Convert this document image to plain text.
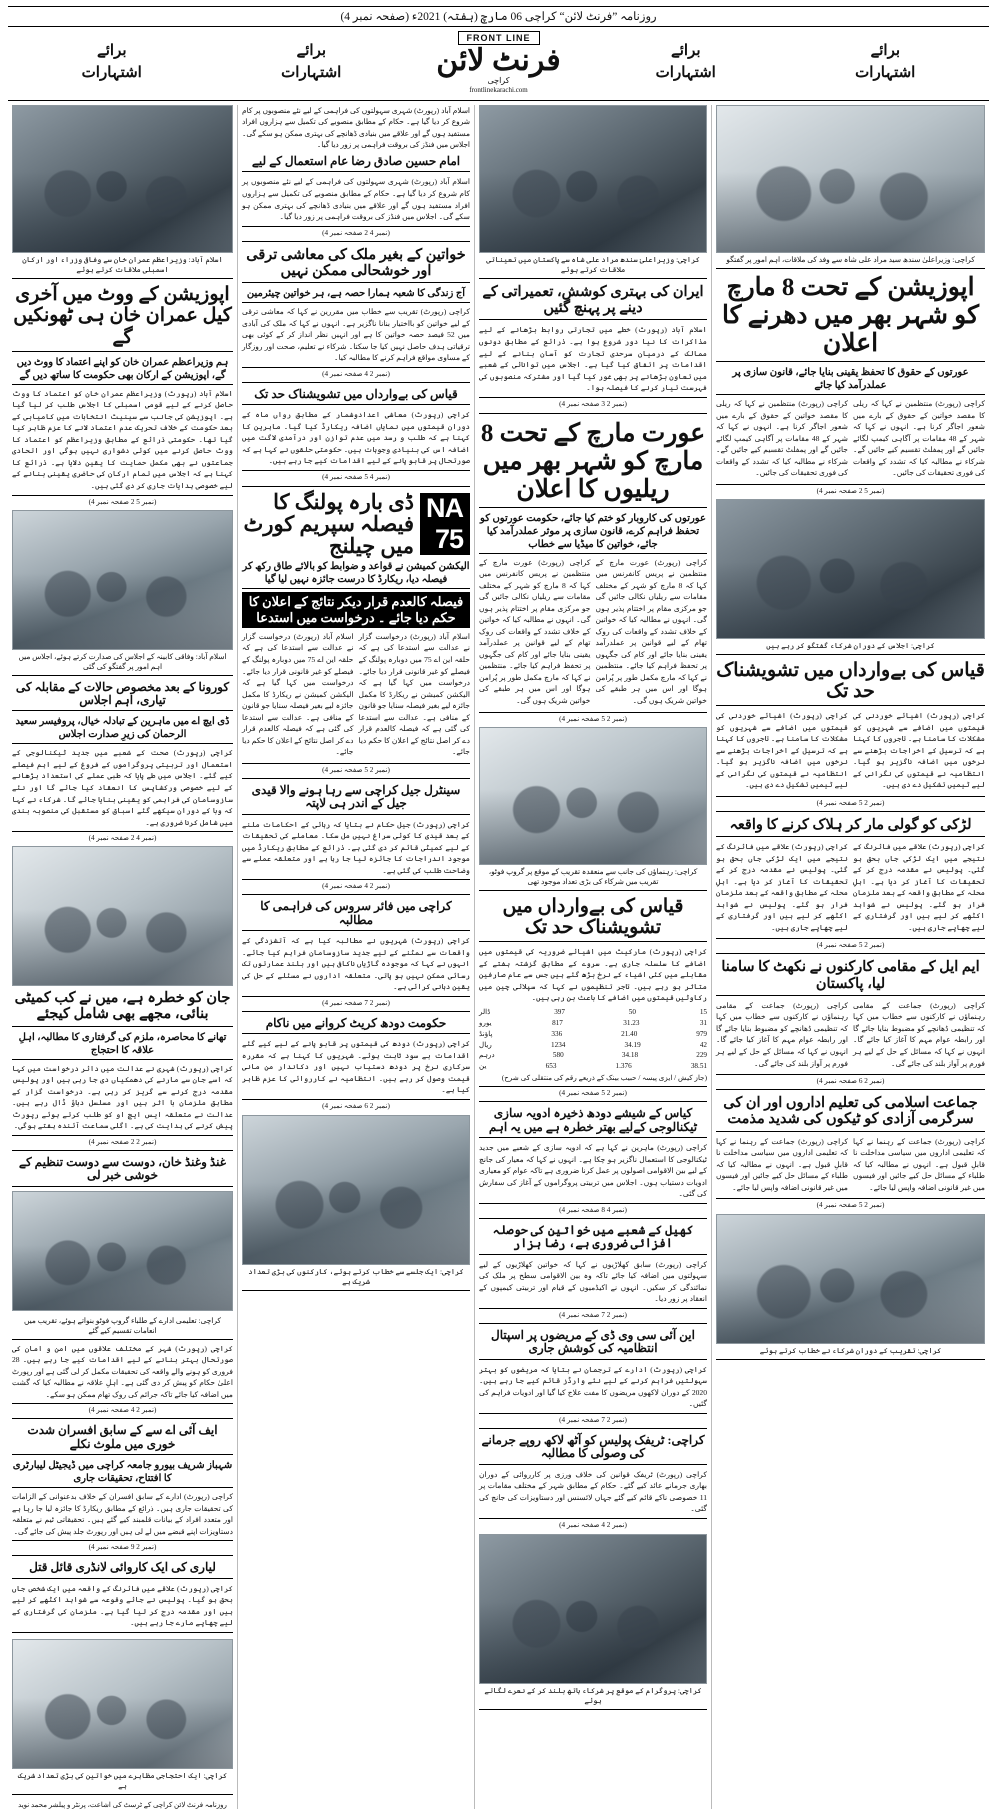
روزنامہ ”فرنٹ لائن“ کراچی 06 مارچ (ہفتہ) 2021ء (صفحہ نمبر 4)
برائے
اشتہارات
برائے
اشتہارات
FRONT LINE
فرنٹ لائن
کراچی
frontlinekarachi.com
برائے
اشتہارات
برائے
اشتہارات
کراچی: وزیراعلیٰ سندھ سید مراد علی شاہ سے وفد کی ملاقات، اہم امور پر گفتگو
اپوزیشن کے تحت 8 مارچ کو شہر بھر میں دھرنے کا اعلان
عورتوں کے حقوق کا تحفظ یقینی بنایا جائے، قانون سازی پر عملدرآمد کیا جائے

کراچی (رپورٹ) منتظمین نے کہا کہ ریلی کا مقصد خواتین کے حقوق کے بارے میں شعور اجاگر کرنا ہے۔ انہوں نے کہا کہ شہر کے 48 مقامات پر آگاہی کیمپ لگائے جائیں گے اور پمفلٹ تقسیم کیے جائیں گے۔ شرکاء نے مطالبہ کیا کہ تشدد کے واقعات کی فوری تحقیقات کی جائیں۔

کراچی (رپورٹ) منتظمین نے کہا کہ ریلی کا مقصد خواتین کے حقوق کے بارے میں شعور اجاگر کرنا ہے۔ انہوں نے کہا کہ شہر کے 48 مقامات پر آگاہی کیمپ لگائے جائیں گے اور پمفلٹ تقسیم کیے جائیں گے۔ شرکاء نے مطالبہ کیا کہ تشدد کے واقعات کی فوری تحقیقات کی جائیں۔

(نمبر 5 2 صفحہ نمبر 4)
کراچی: اجلاس کے دوران شرکاء گفتگو کر رہے ہیں
قیاس کی بےوارداں میں تشویشناک حد تک

کراچی (رپورٹ) اشیائے خوردنی کی قیمتوں میں اضافے سے شہریوں کو مشکلات کا سامنا ہے۔ تاجروں کا کہنا ہے کہ ترسیل کے اخراجات بڑھنے سے نرخوں میں اضافہ ناگزیر ہو گیا۔ انتظامیہ نے قیمتوں کی نگرانی کے لیے ٹیمیں تشکیل دے دی ہیں۔

کراچی (رپورٹ) اشیائے خوردنی کی قیمتوں میں اضافے سے شہریوں کو مشکلات کا سامنا ہے۔ تاجروں کا کہنا ہے کہ ترسیل کے اخراجات بڑھنے سے نرخوں میں اضافہ ناگزیر ہو گیا۔ انتظامیہ نے قیمتوں کی نگرانی کے لیے ٹیمیں تشکیل دے دی ہیں۔

(نمبر 2 5 صفحہ نمبر 4)
لڑکی کو گولی مار کر ہلاک کرنے کا واقعہ

کراچی (رپورٹ) علاقے میں فائرنگ کے نتیجے میں ایک لڑکی جاں بحق ہو گئی۔ پولیس نے مقدمہ درج کر کے تحقیقات کا آغاز کر دیا ہے۔ اہلِ محلہ کے مطابق واقعہ کے بعد ملزمان فرار ہو گئے۔ پولیس نے شواہد اکٹھے کر لیے ہیں اور گرفتاری کے لیے چھاپے جاری ہیں۔

کراچی (رپورٹ) علاقے میں فائرنگ کے نتیجے میں ایک لڑکی جاں بحق ہو گئی۔ پولیس نے مقدمہ درج کر کے تحقیقات کا آغاز کر دیا ہے۔ اہلِ محلہ کے مطابق واقعہ کے بعد ملزمان فرار ہو گئے۔ پولیس نے شواہد اکٹھے کر لیے ہیں اور گرفتاری کے لیے چھاپے جاری ہیں۔

(نمبر 2 5 صفحہ نمبر 4)
ایم ایل کے مقامی کارکنوں نے نکھٹ کا سامنا لیا، پاکستان

کراچی (رپورٹ) جماعت کے مقامی رہنماؤں نے کارکنوں سے خطاب میں کہا کہ تنظیمی ڈھانچے کو مضبوط بنایا جائے گا اور رابطہ عوام مہم کا آغاز کیا جائے گا۔ انہوں نے کہا کہ مسائل کے حل کے لیے ہر فورم پر آواز بلند کی جائے گی۔

کراچی (رپورٹ) جماعت کے مقامی رہنماؤں نے کارکنوں سے خطاب میں کہا کہ تنظیمی ڈھانچے کو مضبوط بنایا جائے گا اور رابطہ عوام مہم کا آغاز کیا جائے گا۔ انہوں نے کہا کہ مسائل کے حل کے لیے ہر فورم پر آواز بلند کی جائے گی۔

(نمبر 2 6 صفحہ نمبر 4)
جماعت اسلامی کی تعلیم اداروں اور ان کی سرگرمی آزادی کو ٹیکوں کی شدید مذمت

کراچی (رپورٹ) جماعت کے رہنما نے کہا کہ تعلیمی اداروں میں سیاسی مداخلت نا قابلِ قبول ہے۔ انہوں نے مطالبہ کیا کہ طلباء کے مسائل حل کیے جائیں اور فیسوں میں غیر قانونی اضافہ واپس لیا جائے۔

کراچی (رپورٹ) جماعت کے رہنما نے کہا کہ تعلیمی اداروں میں سیاسی مداخلت نا قابلِ قبول ہے۔ انہوں نے مطالبہ کیا کہ طلباء کے مسائل حل کیے جائیں اور فیسوں میں غیر قانونی اضافہ واپس لیا جائے۔

(نمبر 2 5 صفحہ نمبر 4)
کراچی: تقریب کے دوران شرکاء نے خطاب کرتے ہوئے
کراچی: وزیراعلیٰ سندھ مراد علی شاہ سے پاکستان میں تعیناتی ملاقات کرتے ہوئے
ایران کی بہتری کوشش، تعمیراتی کے دینے پر پہنچ گئیں

اسلام آباد (رپورٹ) خطے میں تجارتی روابط بڑھانے کے لیے مذاکرات کا نیا دور شروع ہوا ہے۔ ذرائع کے مطابق دونوں ممالک کے درمیان سرحدی تجارت کو آسان بنانے کے لیے اقدامات پر اتفاق کیا گیا ہے۔ اجلاس میں توانائی کے شعبے میں تعاون بڑھانے پر بھی غور کیا گیا اور مشترکہ منصوبوں کی فہرست تیار کرنے کا فیصلہ ہوا۔

(نمبر 2 3 صفحہ نمبر 4)
عورت مارچ کے تحت 8 مارچ کو شہر بھر میں ریلیوں کا اعلان
عورتوں کی کاروبار کو ختم کیا جائے، حکومت عورتوں کو تحفظ فراہم کرے، قانون سازی پر موثر عملدرآمد کیا جائے، خواتین کا میڈیا سے خطاب

کراچی (رپورٹ) عورت مارچ کے منتظمین نے پریس کانفرنس میں کہا کہ 8 مارچ کو شہر کے مختلف مقامات سے ریلیاں نکالی جائیں گی جو مرکزی مقام پر اختتام پذیر ہوں گی۔ انہوں نے مطالبہ کیا کہ خواتین کے خلاف تشدد کے واقعات کی روک تھام کے لیے قوانین پر عملدرآمد یقینی بنایا جائے اور کام کی جگہوں پر تحفظ فراہم کیا جائے۔ منتظمین نے کہا کہ مارچ مکمل طور پر پُرامن ہوگا اور اس میں ہر طبقے کی خواتین شریک ہوں گی۔

کراچی (رپورٹ) عورت مارچ کے منتظمین نے پریس کانفرنس میں کہا کہ 8 مارچ کو شہر کے مختلف مقامات سے ریلیاں نکالی جائیں گی جو مرکزی مقام پر اختتام پذیر ہوں گی۔ انہوں نے مطالبہ کیا کہ خواتین کے خلاف تشدد کے واقعات کی روک تھام کے لیے قوانین پر عملدرآمد یقینی بنایا جائے اور کام کی جگہوں پر تحفظ فراہم کیا جائے۔ منتظمین نے کہا کہ مارچ مکمل طور پر پُرامن ہوگا اور اس میں ہر طبقے کی خواتین شریک ہوں گی۔

(نمبر 2 5 صفحہ نمبر 4)
کراچی: رہنماؤں کی جانب سے منعقدہ تقریب کے موقع پر گروپ فوٹو، تقریب میں شرکاء کی بڑی تعداد موجود تھی
قیاس کی بےوارداں میں تشویشناک حد تک

کراچی (رپورٹ) مارکیٹ میں اشیائے ضروریہ کی قیمتوں میں اضافے کا سلسلہ جاری ہے۔ سروے کے مطابق گزشتہ ہفتے کے مقابلے میں کئی اشیاء کے نرخ بڑھ گئے ہیں جس سے عام صارفین متاثر ہو رہے ہیں۔ تاجر تنظیموں نے کہا کہ سپلائی چین میں رکاوٹیں قیمتوں میں اضافے کا باعث بن رہی ہیں۔

15
50
397
ڈالر
31
31.23
817
یورو
979
21.40
336
پاؤنڈ
42
34.19
1234
ریال
229
34.18
580
درہم
38.51
1.376
653
ین
(جاز کیش / ایزی پیسہ / حبیب بینک کے ذریعے رقم کی منتقلی کی شرح)
(نمبر 2 5 صفحہ نمبر 4)
کیاس کے شیشے دودھ ذخیرہ ادویہ سازی ٹیکنالوجی کےلیے بھتر خطرہ ہے میں یہ اہم

کراچی (رپورٹ) ماہرین نے کہا ہے کہ ادویہ سازی کے شعبے میں جدید ٹیکنالوجی کا استعمال ناگزیر ہو چکا ہے۔ انہوں نے کہا کہ معیار کی جانچ کے لیے بین الاقوامی اصولوں پر عمل کرنا ضروری ہے تاکہ عوام کو معیاری ادویات دستیاب ہوں۔ اجلاس میں تربیتی پروگراموں کے آغاز کی سفارش کی گئی۔

(نمبر 4 8 صفحہ نمبر 4)
کھیل کے شعبے میں خواتین کی حوصلہ افزائی ضروری ہے، رضا ہزار

کراچی (رپورٹ) سابق کھلاڑیوں نے کہا کہ خواتین کھلاڑیوں کے لیے سہولتوں میں اضافہ کیا جائے تاکہ وہ بین الاقوامی سطح پر ملک کی نمائندگی کر سکیں۔ انہوں نے اکیڈمیوں کے قیام اور تربیتی کیمپوں کے انعقاد پر زور دیا۔

(نمبر 2 7 صفحہ نمبر 4)
این آئی سی وی ڈی کے مریضوں پر اسپتال انتظامیہ کی کوشش جاری

کراچی (رپورٹ) ادارے کے ترجمان نے بتایا کہ مریضوں کو بہتر سہولتیں فراہم کرنے کے لیے نئے وارڈز قائم کیے جا رہے ہیں۔ 2020 کے دوران لاکھوں مریضوں کا مفت علاج کیا گیا اور ادویات فراہم کی گئیں۔

(نمبر 2 7 صفحہ نمبر 4)
کراچی: ٹریفک پولیس کو آٹھ لاکھ روپے جرمانے کی وصولی کا مطالبہ

کراچی (رپورٹ) ٹریفک قوانین کی خلاف ورزی پر کارروائی کے دوران بھاری جرمانے عائد کیے گئے۔ حکام کے مطابق شہر کے مختلف مقامات پر 11 خصوصی ناکے قائم کیے گئے جہاں لائسنس اور دستاویزات کی جانچ کی گئی۔

(نمبر 2 4 صفحہ نمبر 4)
کراچی: پروگرام کے موقع پر شرکاء ہاتھ بلند کر کے نعرے لگاتے ہوئے

اسلام آباد (رپورٹ) شہری سہولتوں کی فراہمی کے لیے نئے منصوبوں پر کام شروع کر دیا گیا ہے۔ حکام کے مطابق منصوبے کی تکمیل سے ہزاروں افراد مستفید ہوں گے اور علاقے میں بنیادی ڈھانچے کی بہتری ممکن ہو سکے گی۔ اجلاس میں فنڈز کی بروقت فراہمی پر زور دیا گیا۔

امام حسین صادق رضا عام استعمال کے لیے

اسلام آباد (رپورٹ) شہری سہولتوں کی فراہمی کے لیے نئے منصوبوں پر کام شروع کر دیا گیا ہے۔ حکام کے مطابق منصوبے کی تکمیل سے ہزاروں افراد مستفید ہوں گے اور علاقے میں بنیادی ڈھانچے کی بہتری ممکن ہو سکے گی۔ اجلاس میں فنڈز کی بروقت فراہمی پر زور دیا گیا۔

(نمبر 4 2 صفحہ نمبر 4)
خواتین کے بغیر ملک کی معاشی ترقی اور خوشحالی ممکن نہیں
آج زندگی کا شعبہ ہمارا حصہ ہے، ہر خواتین چیئرمین

کراچی (رپورٹ) تقریب سے خطاب میں مقررین نے کہا کہ معاشی ترقی کے لیے خواتین کو بااختیار بنانا ناگزیر ہے۔ انہوں نے کہا کہ ملک کی آبادی میں 52 فیصد حصہ خواتین کا ہے اور انہیں نظر انداز کر کے کوئی بھی ترقیاتی ہدف حاصل نہیں کیا جا سکتا۔ شرکاء نے تعلیم، صحت اور روزگار کے مساوی مواقع فراہم کرنے کا مطالبہ کیا۔

(نمبر 2 4 صفحہ نمبر 4)
قیاس کی بےوارداں میں تشویشناک حد تک

کراچی (رپورٹ) معاشی اعدادوشمار کے مطابق رواں ماہ کے دوران قیمتوں میں نمایاں اضافہ ریکارڈ کیا گیا۔ ماہرین کا کہنا ہے کہ طلب و رسد میں عدم توازن اور درآمدی لاگت میں اضافہ اس کی بنیادی وجوہات ہیں۔ حکومتی حلقوں نے کہا ہے کہ صورتحال پر قابو پانے کے لیے اقدامات کیے جا رہے ہیں۔

(نمبر 4 5 صفحہ نمبر 4)
NA 75
ڈی بارہ پولنگ کا فیصلہ سپریم کورٹ میں چیلنج
الیکشن کمیشن نے قواعد و ضوابط کو بالائے طاق رکھ کر فیصلہ دیا، ریکارڈ کا درست جائزہ نہیں لیا گیا
فیصلہ کالعدم قرار دیکر نتائج کے اعلان کا حکم دیا جائے ۔ درخواست میں استدعا

اسلام آباد (رپورٹ) درخواست گزار نے عدالت سے استدعا کی ہے کہ حلقہ این اے 75 میں دوبارہ پولنگ کے فیصلے کو غیر قانونی قرار دیا جائے۔ درخواست میں کہا گیا ہے کہ الیکشن کمیشن نے ریکارڈ کا مکمل جائزہ لیے بغیر فیصلہ سنایا جو قانون کے منافی ہے۔ عدالت سے استدعا کی گئی ہے کہ فیصلہ کالعدم قرار دے کر اصل نتائج کے اعلان کا حکم دیا جائے۔

اسلام آباد (رپورٹ) درخواست گزار نے عدالت سے استدعا کی ہے کہ حلقہ این اے 75 میں دوبارہ پولنگ کے فیصلے کو غیر قانونی قرار دیا جائے۔ درخواست میں کہا گیا ہے کہ الیکشن کمیشن نے ریکارڈ کا مکمل جائزہ لیے بغیر فیصلہ سنایا جو قانون کے منافی ہے۔ عدالت سے استدعا کی گئی ہے کہ فیصلہ کالعدم قرار دے کر اصل نتائج کے اعلان کا حکم دیا جائے۔

(نمبر 2 5 صفحہ نمبر 4)
سینٹرل جیل کراچی سے رہا ہونے والا قیدی جیل کے اندر ہی لاپتہ

کراچی (رپورٹ) جیل حکام نے بتایا کہ رہائی کے احکامات ملنے کے بعد قیدی کا کوئی سراغ نہیں مل سکا۔ معاملے کی تحقیقات کے لیے کمیٹی قائم کر دی گئی ہے۔ ذرائع کے مطابق ریکارڈ میں موجود اندراجات کا جائزہ لیا جا رہا ہے اور متعلقہ عملے سے وضاحت طلب کی گئی ہے۔

(نمبر 2 4 صفحہ نمبر 4)
کراچی میں فائر سروس کی فراہمی کا مطالبہ

کراچی (رپورٹ) شہریوں نے مطالبہ کیا ہے کہ آتشزدگی کے واقعات سے نمٹنے کے لیے جدید سازوسامان فراہم کیا جائے۔ انہوں نے کہا کہ موجودہ گاڑیاں ناکافی ہیں اور بلند عمارتوں تک رسائی ممکن نہیں ہو پاتی۔ متعلقہ اداروں نے مسئلے کے حل کی یقین دہانی کرائی ہے۔

(نمبر 2 7 صفحہ نمبر 4)
حکومت دودھ کریٹ کروانے میں ناکام

کراچی (رپورٹ) دودھ کی قیمتوں پر قابو پانے کے لیے کیے گئے اقدامات بے سود ثابت ہوئے۔ شہریوں کا کہنا ہے کہ مقررہ سرکاری نرخ پر دودھ دستیاب نہیں اور دکاندار من مانی قیمت وصول کر رہے ہیں۔ انتظامیہ نے کارروائی کا عزم ظاہر کیا ہے۔

(نمبر 2 6 صفحہ نمبر 4)
کراچی: ایک جلسے سے خطاب کرتے ہوئے، کارکنوں کی بڑی تعداد شریک ہے
اسلام آباد: وزیراعظم عمران خان سے وفاقی وزراء اور ارکان اسمبلی ملاقات کرتے ہوئے
اپوزیشن کے ووٹ میں آخری کیل عمران خان ہی ٹھونکیں گے
ہم وزیراعظم عمران خان کو اپنے اعتماد کا ووٹ دیں گے، اپوزیشن کے ارکان بھی حکومت کا ساتھ دیں گے

اسلام آباد (رپورٹ) وزیراعظم عمران خان کو اعتماد کا ووٹ حاصل کرنے کے لیے قومی اسمبلی کا اجلاس طلب کر لیا گیا ہے۔ اپوزیشن کی جانب سے سینیٹ انتخابات میں کامیابی کے بعد حکومت کے خلاف تحریک عدم اعتماد لانے کا عزم ظاہر کیا گیا تھا۔ حکومتی ذرائع کے مطابق وزیراعظم کو اعتماد کا ووٹ حاصل کرنے میں کوئی دشواری نہیں ہوگی اور اتحادی جماعتوں نے بھی مکمل حمایت کا یقین دلایا ہے۔ ذرائع کا کہنا ہے کہ اجلاس میں تمام ارکان کی حاضری یقینی بنانے کے لیے خصوصی ہدایات جاری کر دی گئی ہیں۔

(نمبر 5 2 صفحہ نمبر 4)
اسلام آباد: وفاقی کابینہ کے اجلاس کی صدارت کرتے ہوئے، اجلاس میں اہم امور پر گفتگو کی گئی
کورونا کے بعد مخصوص حالات کے مقابلہ کی تیاری، اہم اجلاس
ڈی ایچ اے میں ماہرین کے تبادلہ خیال، پروفیسر سعید الرحمان کی زیرِ صدارت اجلاس

کراچی (رپورٹ) صحت کے شعبے میں جدید ٹیکنالوجی کے استعمال اور تربیتی پروگراموں کے فروغ کے لیے اہم فیصلے کیے گئے۔ اجلاس میں طے پایا کہ طبی عملے کی استعداد بڑھانے کے لیے خصوصی ورکشاپس کا انعقاد کیا جائے گا اور نئے سازوسامان کی فراہمی کو یقینی بنایا جائے گا۔ شرکاء نے کہا کہ وبا کے دوران سیکھے گئے اسباق کو مستقبل کی منصوبہ بندی میں شامل کرنا ضروری ہے۔

(نمبر 4 2 صفحہ نمبر 4)
جان کو خطرہ ہے، میں نے کب کمیٹی بنائی، مجھے بھی شامل کیجئے
تھانے کا محاصرہ، ملزم کی گرفتاری کا مطالبہ، اہلِ علاقہ کا احتجاج

کراچی (رپورٹ) شہری نے عدالت میں دائر درخواست میں کہا کہ اسے جان سے مارنے کی دھمکیاں دی جا رہی ہیں اور پولیس مقدمہ درج کرنے سے گریز کر رہی ہے۔ درخواست گزار کے مطابق ملزمان با اثر ہیں اور مسلسل دباؤ ڈال رہے ہیں۔ عدالت نے متعلقہ ایس ایچ او کو طلب کرتے ہوئے رپورٹ پیش کرنے کی ہدایت کی ہے۔ اگلی سماعت آئندہ ہفتے ہوگی۔

(نمبر 2 2 صفحہ نمبر 4)
غنڈ وغنڈ خان، دوست سے دوست تنظیم کے خوشی خبر لی
کراچی: تعلیمی ادارے کے طلباء گروپ فوٹو بنواتے ہوئے، تقریب میں انعامات تقسیم کیے گئے

کراچی (رپورٹ) شہر کے مختلف علاقوں میں امن و امان کی صورتحال بہتر بنانے کے لیے اقدامات کیے جا رہے ہیں۔ 28 فروری کو ہونے والے واقعہ کی تحقیقات مکمل کر لی گئی ہے اور رپورٹ اعلیٰ حکام کو پیش کر دی گئی ہے۔ اہلِ علاقہ نے مطالبہ کیا کہ گشت میں اضافہ کیا جائے تاکہ جرائم کی روک تھام ممکن ہو سکے۔

(نمبر 2 4 صفحہ نمبر 4)
ایف آئی اے سے کے سابق افسران شدت خوری میں ملوث نکلے
شہباز شریف بیورو جامعہ کراچی میں ڈیجیٹل لیبارٹری کا افتتاح، تحقیقات جاری

کراچی (رپورٹ) ادارے کے سابق افسران کے خلاف بدعنوانی کے الزامات کی تحقیقات جاری ہیں۔ ذرائع کے مطابق ریکارڈ کا جائزہ لیا جا رہا ہے اور متعدد افراد کے بیانات قلمبند کیے گئے ہیں۔ تحقیقاتی ٹیم نے متعلقہ دستاویزات اپنے قبضے میں لے لی ہیں اور رپورٹ جلد پیش کی جائے گی۔

(نمبر 2 9 صفحہ نمبر 4)
لیاری کی ایک کاروائی لانڈری قائل قتل

کراچی (رپورٹ) علاقے میں فائرنگ کے واقعہ میں ایک شخص جاں بحق ہو گیا۔ پولیس نے جائے وقوعہ سے شواہد اکٹھے کر لیے ہیں اور مقدمہ درج کر لیا گیا ہے۔ ملزمان کی گرفتاری کے لیے چھاپے مارے جا رہے ہیں۔

کراچی: ایک احتجاجی مظاہرے میں خواتین کی بڑی تعداد شریک ہے
روزنامہ فرنٹ لائن کراچی کے ٹرسٹ کی اشاعت، پرنٹر و پبلشر محمد نوید
